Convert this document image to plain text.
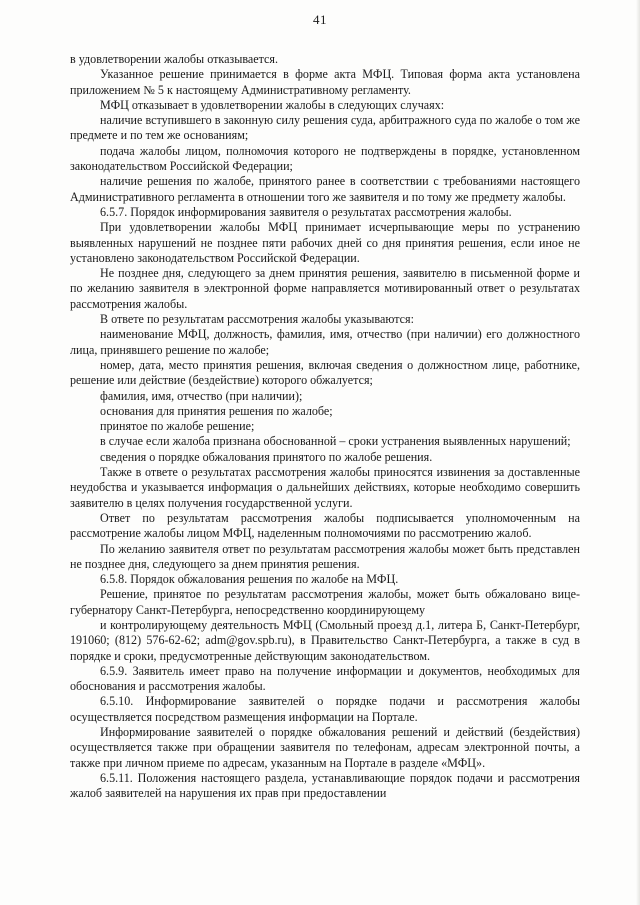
41

в удовлетворении жалобы отказывается.

Указанное решение принимается в форме акта МФЦ. Типовая форма акта установлена приложением № 5 к настоящему Административному регламенту.

МФЦ отказывает в удовлетворении жалобы в следующих случаях:

наличие вступившего в законную силу решения суда, арбитражного суда по жалобе о том же предмете и по тем же основаниям;

подача жалобы лицом, полномочия которого не подтверждены в порядке, установленном законодательством Российской Федерации;

наличие решения по жалобе, принятого ранее в соответствии с требованиями настоящего Административного регламента в отношении того же заявителя и по тому же предмету жалобы.

6.5.7. Порядок информирования заявителя о результатах рассмотрения жалобы.

При удовлетворении жалобы МФЦ принимает исчерпывающие меры по устранению выявленных нарушений не позднее пяти рабочих дней со дня принятия решения, если иное не установлено законодательством Российской Федерации.

Не позднее дня, следующего за днем принятия решения, заявителю в письменной форме и по желанию заявителя в электронной форме направляется мотивированный ответ о результатах рассмотрения жалобы.

В ответе по результатам рассмотрения жалобы указываются:

наименование МФЦ, должность, фамилия, имя, отчество (при наличии) его должностного лица, принявшего решение по жалобе;

номер, дата, место принятия решения, включая сведения о должностном лице, работнике, решение или действие (бездействие) которого обжалуется;

фамилия, имя, отчество (при наличии);

основания для принятия решения по жалобе;

принятое по жалобе решение;

в случае если жалоба признана обоснованной – сроки устранения выявленных нарушений;

сведения о порядке обжалования принятого по жалобе решения.

Также в ответе о результатах рассмотрения жалобы приносятся извинения за доставленные неудобства и указывается информация о дальнейших действиях, которые необходимо совершить заявителю в целях получения государственной услуги.

Ответ по результатам рассмотрения жалобы подписывается уполномоченным на рассмотрение жалобы лицом МФЦ, наделенным полномочиями по рассмотрению жалоб.

По желанию заявителя ответ по результатам рассмотрения жалобы может быть представлен не позднее дня, следующего за днем принятия решения.

6.5.8. Порядок обжалования решения по жалобе на МФЦ.

Решение, принятое по результатам рассмотрения жалобы, может быть обжаловано вице-губернатору Санкт-Петербурга, непосредственно координирующему

и контролирующему деятельность МФЦ (Смольный проезд д.1, литера Б, Санкт-Петербург, 191060; (812) 576-62-62; adm@gov.spb.ru), в Правительство Санкт-Петербурга, а также в суд в порядке и сроки, предусмотренные действующим законодательством.

6.5.9. Заявитель имеет право на получение информации и документов, необходимых для обоснования и рассмотрения жалобы.

6.5.10. Информирование заявителей о порядке подачи и рассмотрения жалобы осуществляется посредством размещения информации на Портале.

Информирование заявителей о порядке обжалования решений и действий (бездействия) осуществляется также при обращении заявителя по телефонам, адресам электронной почты, а также при личном приеме по адресам, указанным на Портале в разделе «МФЦ».

6.5.11. Положения настоящего раздела, устанавливающие порядок подачи и рассмотрения жалоб заявителей на нарушения их прав при предоставлении
